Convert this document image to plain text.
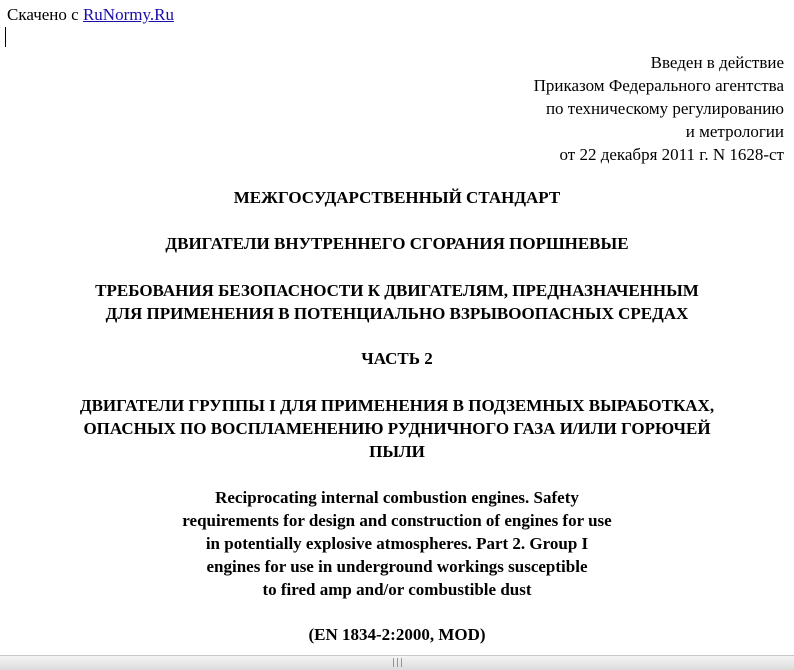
Скачено с RuNormy.Ru
Введен в действие
Приказом Федерального агентства
по техническому регулированию
и метрологии
от 22 декабря 2011 г. N 1628-ст
МЕЖГОСУДАРСТВЕННЫЙ СТАНДАРТ
ДВИГАТЕЛИ ВНУТРЕННЕГО СГОРАНИЯ ПОРШНЕВЫЕ
ТРЕБОВАНИЯ БЕЗОПАСНОСТИ К ДВИГАТЕЛЯМ, ПРЕДНАЗНАЧЕННЫМ
ДЛЯ ПРИМЕНЕНИЯ В ПОТЕНЦИАЛЬНО ВЗРЫВООПАСНЫХ СРЕДАХ
ЧАСТЬ 2
ДВИГАТЕЛИ ГРУППЫ I ДЛЯ ПРИМЕНЕНИЯ В ПОДЗЕМНЫХ ВЫРАБОТКАХ,
ОПАСНЫХ ПО ВОСПЛАМЕНЕНИЮ РУДНИЧНОГО ГАЗА И/ИЛИ ГОРЮЧЕЙ
ПЫЛИ
Reciprocating internal combustion engines. Safety
requirements for design and construction of engines for use
in potentially explosive atmospheres. Part 2. Group I
engines for use in underground workings susceptible
to fired amp and/or combustible dust
(EN 1834-2:2000, MOD)
|||
